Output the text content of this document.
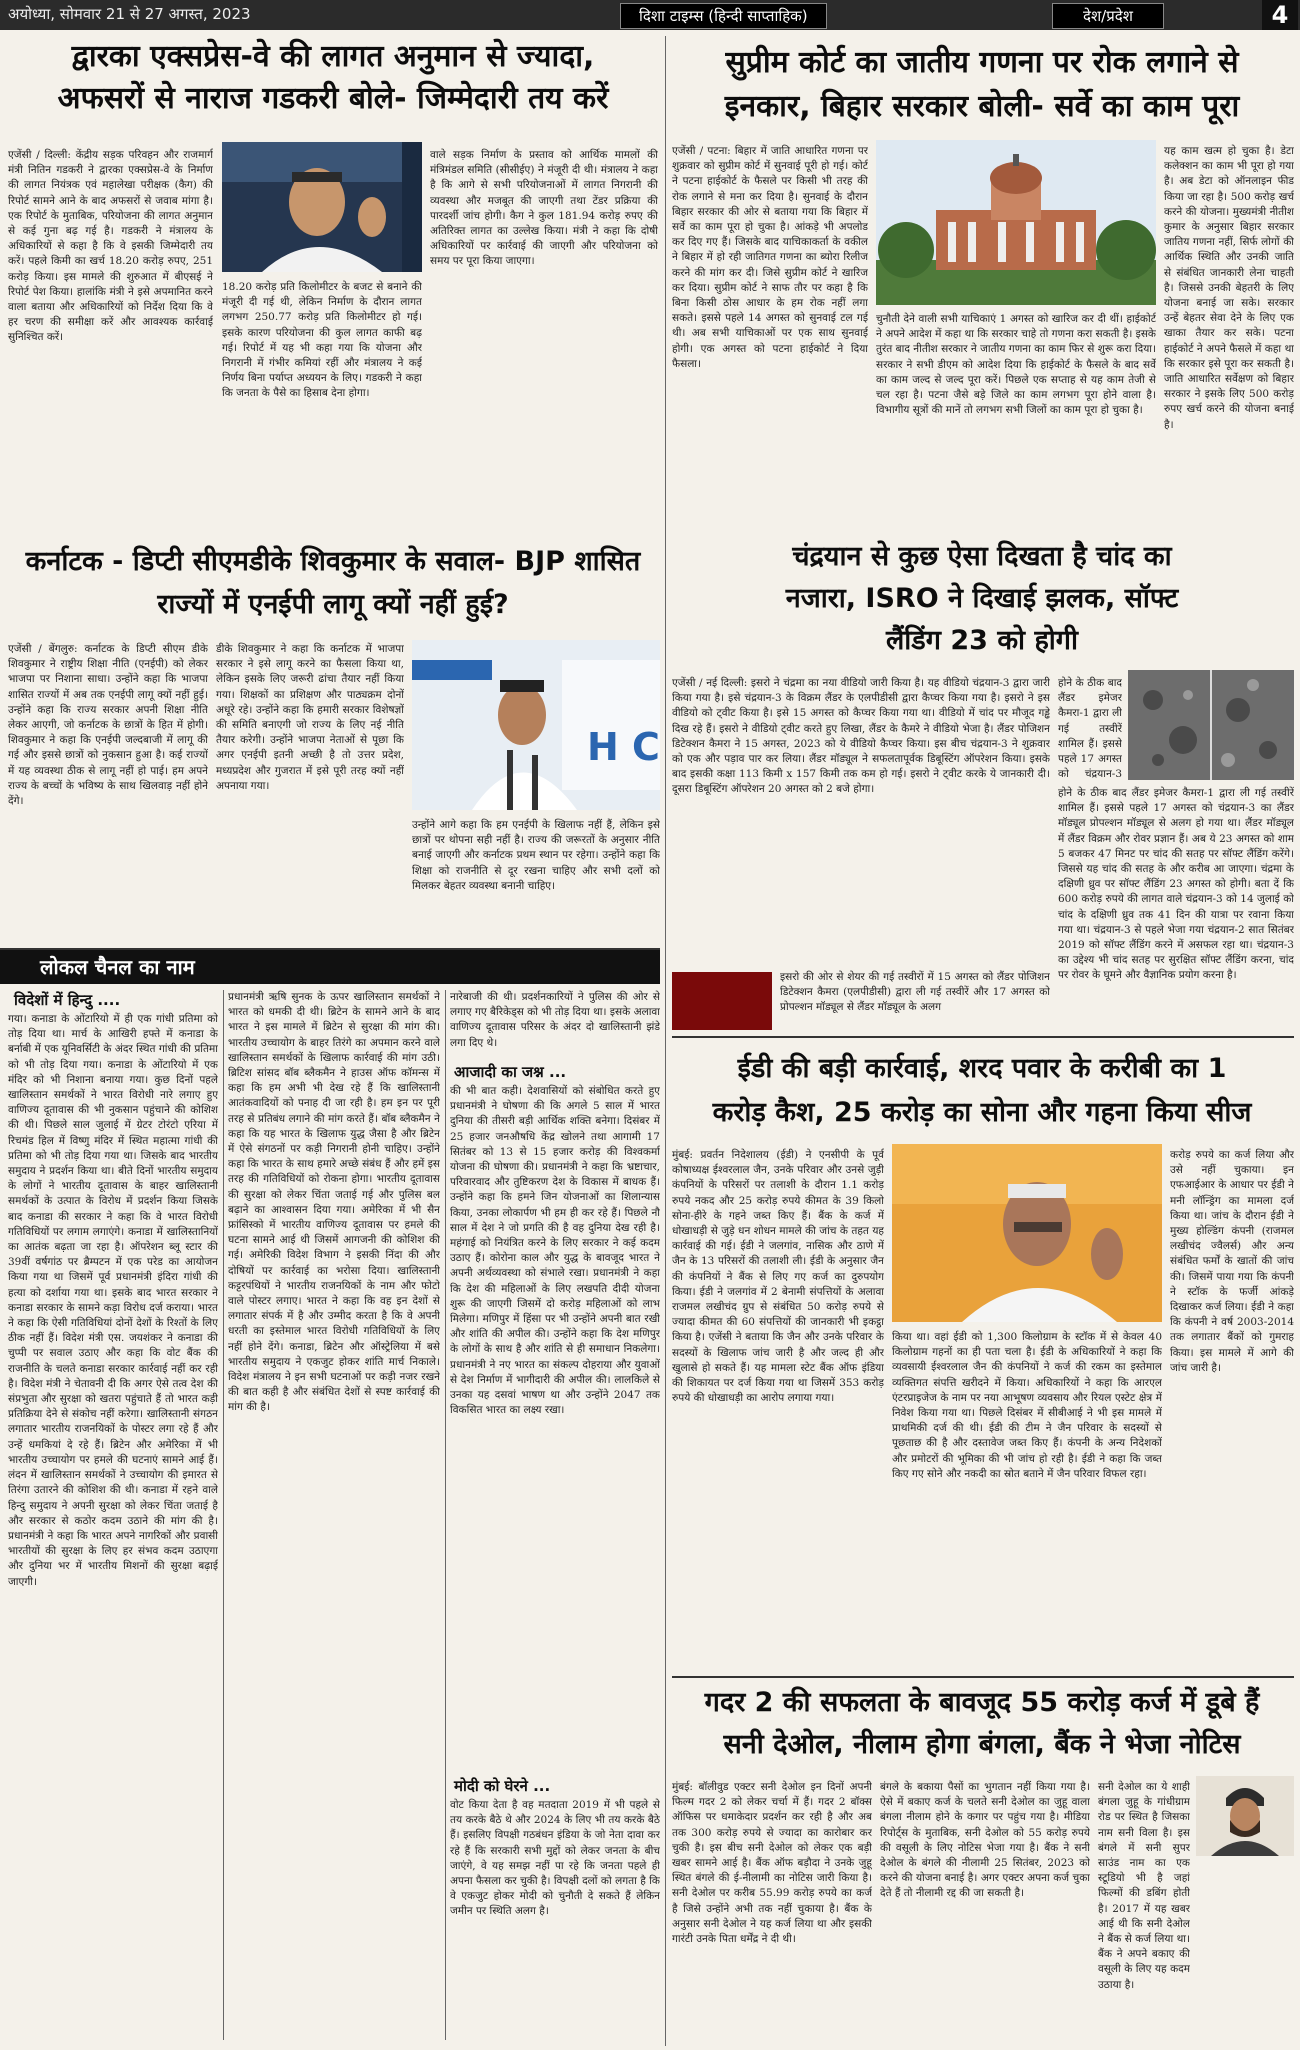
अयोध्या, सोमवार 21 से 27 अगस्त, 2023	दिशा टाइम्स (हिन्दी साप्ताहिक)	देश/प्रदेश	4
द्वारका एक्सप्रेस-वे की लागत अनुमान से ज्यादा,
अफसरों से नाराज गडकरी बोले- जिम्मेदारी तय करें
एजेंसी / दिल्ली: केंद्रीय सड़क परिवहन और राजमार्ग मंत्री नितिन गडकरी ने द्वारका एक्सप्रेस-वे के निर्माण की लागत नियंत्रक एवं महालेखा परीक्षक (कैग) की रिपोर्ट सामने आने के बाद अफसरों से जवाब मांगा है। एक रिपोर्ट के मुताबिक, परियोजना की लागत अनुमान से कई गुना बढ़ गई है। गडकरी ने मंत्रालय के अधिकारियों से कहा है कि वे इसकी जिम्मेदारी तय करें। पहले किमी का खर्च 18.20 करोड़ रुपए, 251 करोड़ किया। इस मामले की शुरुआत में बीएसई ने रिपोर्ट पेश किया। हालांकि मंत्री ने इसे अपमानित करने वाला बताया और अधिकारियों को निर्देश दिया कि वे हर चरण की समीक्षा करें और आवश्यक कार्रवाई सुनिश्चित करें।
18.20 करोड़ प्रति किलोमीटर के बजट से बनाने की मंजूरी दी गई थी, लेकिन निर्माण के दौरान लागत लगभग 250.77 करोड़ प्रति किलोमीटर हो गई। इसके कारण परियोजना की कुल लागत काफी बढ़ गई। रिपोर्ट में यह भी कहा गया कि योजना और निगरानी में गंभीर कमियां रहीं और मंत्रालय ने कई निर्णय बिना पर्याप्त अध्ययन के लिए। गडकरी ने कहा कि जनता के पैसे का हिसाब देना होगा।
वाले सड़क निर्माण के प्रस्ताव को आर्थिक मामलों की मंत्रिमंडल समिति (सीसीईए) ने मंजूरी दी थी। मंत्रालय ने कहा है कि आगे से सभी परियोजनाओं में लागत निगरानी की व्यवस्था और मजबूत की जाएगी तथा टेंडर प्रक्रिया की पारदर्शी जांच होगी। कैग ने कुल 181.94 करोड़ रुपए की अतिरिक्त लागत का उल्लेख किया। मंत्री ने कहा कि दोषी अधिकारियों पर कार्रवाई की जाएगी और परियोजना को समय पर पूरा किया जाएगा।
सुप्रीम कोर्ट का जातीय गणना पर रोक लगाने से
इनकार, बिहार सरकार बोली- सर्वे का काम पूरा
एजेंसी / पटना: बिहार में जाति आधारित गणना पर शुक्रवार को सुप्रीम कोर्ट में सुनवाई पूरी हो गई। कोर्ट ने पटना हाईकोर्ट के फैसले पर किसी भी तरह की रोक लगाने से मना कर दिया है। सुनवाई के दौरान बिहार सरकार की ओर से बताया गया कि बिहार में सर्वे का काम पूरा हो चुका है। आंकड़े भी अपलोड कर दिए गए हैं। जिसके बाद याचिकाकर्ता के वकील ने बिहार में हो रही जातिगत गणना का ब्योरा रिलीज करने की मांग कर दी। जिसे सुप्रीम कोर्ट ने खारिज कर दिया। सुप्रीम कोर्ट ने साफ तौर पर कहा है कि बिना किसी ठोस आधार के हम रोक नहीं लगा सकते। इससे पहले 14 अगस्त को सुनवाई टल गई थी। अब सभी याचिकाओं पर एक साथ सुनवाई होगी। एक अगस्त को पटना हाईकोर्ट ने दिया फैसला।
चुनौती देने वाली सभी याचिकाएं 1 अगस्त को खारिज कर दी थीं। हाईकोर्ट ने अपने आदेश में कहा था कि सरकार चाहे तो गणना करा सकती है। इसके तुरंत बाद नीतीश सरकार ने जातीय गणना का काम फिर से शुरू करा दिया। सरकार ने सभी डीएम को आदेश दिया कि हाईकोर्ट के फैसले के बाद सर्वे का काम जल्द से जल्द पूरा करें। पिछले एक सप्ताह से यह काम तेजी से चल रहा है। पटना जैसे बड़े जिले का काम लगभग पूरा होने वाला है। विभागीय सूत्रों की मानें तो लगभग सभी जिलों का काम पूरा हो चुका है।
यह काम खत्म हो चुका है। डेटा कलेक्शन का काम भी पूरा हो गया है। अब डेटा को ऑनलाइन फीड किया जा रहा है। 500 करोड़ खर्च करने की योजना। मुख्यमंत्री नीतीश कुमार के अनुसार बिहार सरकार जातिय गणना नहीं, सिर्फ लोगों की आर्थिक स्थिति और उनकी जाति से संबंधित जानकारी लेना चाहती है। जिससे उनकी बेहतरी के लिए योजना बनाई जा सके। सरकार उन्हें बेहतर सेवा देने के लिए एक खाका तैयार कर सके। पटना हाईकोर्ट ने अपने फैसले में कहा था कि सरकार इसे पूरा कर सकती है। जाति आधारित सर्वेक्षण को बिहार सरकार ने इसके लिए 500 करोड़ रुपए खर्च करने की योजना बनाई है।
कर्नाटक - डिप्टी सीएमडीके शिवकुमार के सवाल- BJP शासित
राज्यों में एनईपी लागू क्यों नहीं हुई?
एजेंसी / बेंगलुरु: कर्नाटक के डिप्टी सीएम डीके शिवकुमार ने राष्ट्रीय शिक्षा नीति (एनईपी) को लेकर भाजपा पर निशाना साधा। उन्होंने कहा कि भाजपा शासित राज्यों में अब तक एनईपी लागू क्यों नहीं हुई। उन्होंने कहा कि राज्य सरकार अपनी शिक्षा नीति लेकर आएगी, जो कर्नाटक के छात्रों के हित में होगी। शिवकुमार ने कहा कि एनईपी जल्दबाजी में लागू की गई और इससे छात्रों को नुकसान हुआ है। कई राज्यों में यह व्यवस्था ठीक से लागू नहीं हो पाई। हम अपने राज्य के बच्चों के भविष्य के साथ खिलवाड़ नहीं होने देंगे।
डीके शिवकुमार ने कहा कि कर्नाटक में भाजपा सरकार ने इसे लागू करने का फैसला किया था, लेकिन इसके लिए जरूरी ढांचा तैयार नहीं किया गया। शिक्षकों का प्रशिक्षण और पाठ्यक्रम दोनों अधूरे रहे। उन्होंने कहा कि हमारी सरकार विशेषज्ञों की समिति बनाएगी जो राज्य के लिए नई नीति तैयार करेगी। उन्होंने भाजपा नेताओं से पूछा कि अगर एनईपी इतनी अच्छी है तो उत्तर प्रदेश, मध्यप्रदेश और गुजरात में इसे पूरी तरह क्यों नहीं अपनाया गया।
H C
उन्होंने आगे कहा कि हम एनईपी के खिलाफ नहीं हैं, लेकिन इसे छात्रों पर थोपना सही नहीं है। राज्य की जरूरतों के अनुसार नीति बनाई जाएगी और कर्नाटक प्रथम स्थान पर रहेगा। उन्होंने कहा कि शिक्षा को राजनीति से दूर रखना चाहिए और सभी दलों को मिलकर बेहतर व्यवस्था बनानी चाहिए।
चंद्रयान से कुछ ऐसा दिखता है चांद का
नजारा, ISRO ने दिखाई झलक, सॉफ्ट
लैंडिंग 23 को होगी
एजेंसी / नई दिल्ली: इसरो ने चंद्रमा का नया वीडियो जारी किया है। यह वीडियो चंद्रयान-3 द्वारा जारी किया गया है। इसे चंद्रयान-3 के विक्रम लैंडर के एलपीडीसी द्वारा कैप्चर किया गया है। इसरो ने इस वीडियो को ट्वीट किया है। इसे 15 अगस्त को कैप्चर किया गया था। वीडियो में चांद पर मौजूद गड्ढे दिख रहे हैं। इसरो ने वीडियो ट्वीट करते हुए लिखा, लैंडर के कैमरे ने वीडियो भेजा है। लैंडर पोजिशन डिटेक्शन कैमरा ने 15 अगस्त, 2023 को ये वीडियो कैप्चर किया। इस बीच चंद्रयान-3 ने शुक्रवार को एक और पड़ाव पार कर लिया। लैंडर मॉड्यूल ने सफलतापूर्वक डिबूस्टिंग ऑपरेशन किया। इसके बाद इसकी कक्षा 113 किमी x 157 किमी तक कम हो गई। इसरो ने ट्वीट करके ये जानकारी दी। दूसरा डिबूस्टिंग ऑपरेशन 20 अगस्त को 2 बजे होगा।
होने के ठीक बाद लैंडर इमेजर कैमरा-1 द्वारा ली गई तस्वीरें शामिल हैं। इससे पहले 17 अगस्त को चंद्रयान-3
होने के ठीक बाद लैंडर इमेजर कैमरा-1 द्वारा ली गई तस्वीरें शामिल हैं। इससे पहले 17 अगस्त को चंद्रयान-3 का लैंडर मॉड्यूल प्रोपल्शन मॉड्यूल से अलग हो गया था। लैंडर मॉड्यूल में लैंडर विक्रम और रोवर प्रज्ञान हैं। अब ये 23 अगस्त को शाम 5 बजकर 47 मिनट पर चांद की सतह पर सॉफ्ट लैंडिंग करेंगे। जिससे यह चांद की सतह के और करीब आ जाएगा। चंद्रमा के दक्षिणी ध्रुव पर सॉफ्ट लैंडिंग 23 अगस्त को होगी। बता दें कि 600 करोड़ रुपये की लागत वाले चंद्रयान-3 को 14 जुलाई को चांद के दक्षिणी ध्रुव तक 41 दिन की यात्रा पर रवाना किया गया था। चंद्रयान-3 से पहले भेजा गया चंद्रयान-2 सात सितंबर 2019 को सॉफ्ट लैंडिंग करने में असफल रहा था। चंद्रयान-3 का उद्देश्य भी चांद सतह पर सुरक्षित सॉफ्ट लैंडिंग करना, चांद पर रोवर के घूमने और वैज्ञानिक प्रयोग करना है।
इसरो की ओर से शेयर की गई तस्वीरों में 15 अगस्त को लैंडर पोजिशन डिटेक्शन कैमरा (एलपीडीसी) द्वारा ली गई तस्वीरें और 17 अगस्त को प्रोपल्शन मॉड्यूल से लैंडर मॉड्यूल के अलग
लोकल चैनल का नाम
विदेशों में हिन्दु ....
गया। कनाडा के ओंटारियो में ही एक गांधी प्रतिमा को तोड़ दिया था। मार्च के आखिरी हफ्ते में कनाडा के बर्नाबी में एक यूनिवर्सिटी के अंदर स्थित गांधी की प्रतिमा को भी तोड़ दिया गया। कनाडा के ओंटारियो में एक मंदिर को भी निशाना बनाया गया। कुछ दिनों पहले खालिस्तान समर्थकों ने भारत विरोधी नारे लगाए हुए वाणिज्य दूतावास की भी नुकसान पहुंचाने की कोशिश की थी। पिछले साल जुलाई में ग्रेटर टोरंटो एरिया में रिचमंड हिल में विष्णु मंदिर में स्थित महात्मा गांधी की प्रतिमा को भी तोड़ दिया गया था। जिसके बाद भारतीय समुदाय ने प्रदर्शन किया था। बीते दिनों भारतीय समुदाय के लोगों ने भारतीय दूतावास के बाहर खालिस्तानी समर्थकों के उत्पात के विरोध में प्रदर्शन किया जिसके बाद कनाडा की सरकार ने कहा कि वे भारत विरोधी गतिविधियों पर लगाम लगाएंगे। कनाडा में खालिस्तानियों का आतंक बढ़ता जा रहा है। ऑपरेशन ब्लू स्टार की 39वीं वर्षगांठ पर ब्रैम्पटन में एक परेड का आयोजन किया गया था जिसमें पूर्व प्रधानमंत्री इंदिरा गांधी की हत्या को दर्शाया गया था। इसके बाद भारत सरकार ने कनाडा सरकार के सामने कड़ा विरोध दर्ज कराया। भारत ने कहा कि ऐसी गतिविधियां दोनों देशों के रिश्तों के लिए ठीक नहीं हैं। विदेश मंत्री एस. जयशंकर ने कनाडा की चुप्पी पर सवाल उठाए और कहा कि वोट बैंक की राजनीति के चलते कनाडा सरकार कार्रवाई नहीं कर रही है। विदेश मंत्री ने चेतावनी दी कि अगर ऐसे तत्व देश की संप्रभुता और सुरक्षा को खतरा पहुंचाते हैं तो भारत कड़ी प्रतिक्रिया देने से संकोच नहीं करेगा। खालिस्तानी संगठन लगातार भारतीय राजनयिकों के पोस्टर लगा रहे हैं और उन्हें धमकियां दे रहे हैं। ब्रिटेन और अमेरिका में भी भारतीय उच्चायोग पर हमले की घटनाएं सामने आई हैं। लंदन में खालिस्तान समर्थकों ने उच्चायोग की इमारत से तिरंगा उतारने की कोशिश की थी। कनाडा में रहने वाले हिन्दु समुदाय ने अपनी सुरक्षा को लेकर चिंता जताई है और सरकार से कठोर कदम उठाने की मांग की है। प्रधानमंत्री ने कहा कि भारत अपने नागरिकों और प्रवासी भारतीयों की सुरक्षा के लिए हर संभव कदम उठाएगा और दुनिया भर में भारतीय मिशनों की सुरक्षा बढ़ाई जाएगी।
प्रधानमंत्री ऋषि सुनक के ऊपर खालिस्तान समर्थकों ने भारत को धमकी दी थी। ब्रिटेन के सामने आने के बाद भारत ने इस मामले में ब्रिटेन से सुरक्षा की मांग की। भारतीय उच्चायोग के बाहर तिरंगे का अपमान करने वाले खालिस्तान समर्थकों के खिलाफ कार्रवाई की मांग उठी। ब्रिटिश सांसद बॉब ब्लैकमैन ने हाउस ऑफ कॉमन्स में कहा कि हम अभी भी देख रहे हैं कि खालिस्तानी आतंकवादियों को पनाह दी जा रही है। हम इन पर पूरी तरह से प्रतिबंध लगाने की मांग करते हैं। बॉब ब्लैकमैन ने कहा कि यह भारत के खिलाफ युद्ध जैसा है और ब्रिटेन में ऐसे संगठनों पर कड़ी निगरानी होनी चाहिए। उन्होंने कहा कि भारत के साथ हमारे अच्छे संबंध हैं और हमें इस तरह की गतिविधियों को रोकना होगा। भारतीय दूतावास की सुरक्षा को लेकर चिंता जताई गई और पुलिस बल बढ़ाने का आश्वासन दिया गया। अमेरिका में भी सैन फ्रांसिस्को में भारतीय वाणिज्य दूतावास पर हमले की घटना सामने आई थी जिसमें आगजनी की कोशिश की गई। अमेरिकी विदेश विभाग ने इसकी निंदा की और दोषियों पर कार्रवाई का भरोसा दिया। खालिस्तानी कट्टरपंथियों ने भारतीय राजनयिकों के नाम और फोटो वाले पोस्टर लगाए। भारत ने कहा कि वह इन देशों से लगातार संपर्क में है और उम्मीद करता है कि वे अपनी धरती का इस्तेमाल भारत विरोधी गतिविधियों के लिए नहीं होने देंगे। कनाडा, ब्रिटेन और ऑस्ट्रेलिया में बसे भारतीय समुदाय ने एकजुट होकर शांति मार्च निकाले। विदेश मंत्रालय ने इन सभी घटनाओं पर कड़ी नजर रखने की बात कही है और संबंधित देशों से स्पष्ट कार्रवाई की मांग की है।
नारेबाजी की थी। प्रदर्शनकारियों ने पुलिस की ओर से लगाए गए बैरिकेड्स को भी तोड़ दिया था। इसके अलावा वाणिज्य दूतावास परिसर के अंदर दो खालिस्तानी झंडे लगा दिए थे।
आजादी का जश्न ...
की भी बात कही। देशवासियों को संबोधित करते हुए प्रधानमंत्री ने घोषणा की कि अगले 5 साल में भारत दुनिया की तीसरी बड़ी आर्थिक शक्ति बनेगा। दिसंबर में 25 हजार जनऔषधि केंद्र खोलने तथा आगामी 17 सितंबर को 13 से 15 हजार करोड़ की विश्वकर्मा योजना की घोषणा की। प्रधानमंत्री ने कहा कि भ्रष्टाचार, परिवारवाद और तुष्टिकरण देश के विकास में बाधक हैं। उन्होंने कहा कि हमने जिन योजनाओं का शिलान्यास किया, उनका लोकार्पण भी हम ही कर रहे हैं। पिछले नौ साल में देश ने जो प्रगति की है वह दुनिया देख रही है। महंगाई को नियंत्रित करने के लिए सरकार ने कई कदम उठाए हैं। कोरोना काल और युद्ध के बावजूद भारत ने अपनी अर्थव्यवस्था को संभाले रखा। प्रधानमंत्री ने कहा कि देश की महिलाओं के लिए लखपति दीदी योजना शुरू की जाएगी जिसमें दो करोड़ महिलाओं को लाभ मिलेगा। मणिपुर में हिंसा पर भी उन्होंने अपनी बात रखी और शांति की अपील की। उन्होंने कहा कि देश मणिपुर के लोगों के साथ है और शांति से ही समाधान निकलेगा। प्रधानमंत्री ने नए भारत का संकल्प दोहराया और युवाओं से देश निर्माण में भागीदारी की अपील की। लालकिले से उनका यह दसवां भाषण था और उन्होंने 2047 तक विकसित भारत का लक्ष्य रखा।
मोदी को घेरने ...
वोट किया देता है वह मतदाता 2019 में भी पहले से तय करके बैठे थे और 2024 के लिए भी तय करके बैठे हैं। इसलिए विपक्षी गठबंधन इंडिया के जो नेता दावा कर रहे हैं कि सरकारी सभी मुद्दों को लेकर जनता के बीच जाएंगे, वे यह समझ नहीं पा रहे कि जनता पहले ही अपना फैसला कर चुकी है। विपक्षी दलों को लगता है कि वे एकजुट होकर मोदी को चुनौती दे सकते हैं लेकिन जमीन पर स्थिति अलग है।
ईडी की बड़ी कार्रवाई, शरद पवार के करीबी का 1
करोड़ कैश, 25 करोड़ का सोना और गहना किया सीज
मुंबई: प्रवर्तन निदेशालय (ईडी) ने एनसीपी के पूर्व कोषाध्यक्ष ईश्वरलाल जैन, उनके परिवार और उनसे जुड़ी कंपनियों के परिसरों पर तलाशी के दौरान 1.1 करोड़ रुपये नकद और 25 करोड़ रुपये कीमत के 39 किलो सोना-हीरे के गहने जब्त किए हैं। बैंक के कर्ज में धोखाधड़ी से जुड़े धन शोधन मामले की जांच के तहत यह कार्रवाई की गई। ईडी ने जलगांव, नासिक और ठाणे में जैन के 13 परिसरों की तलाशी ली। ईडी के अनुसार जैन की कंपनियों ने बैंक से लिए गए कर्ज का दुरुपयोग किया। ईडी ने जलगांव में 2 बेनामी संपत्तियों के अलावा राजमल लखीचंद ग्रुप से संबंधित 50 करोड़ रुपये से ज्यादा कीमत की 60 संपत्तियों की जानकारी भी इकट्ठा किया है। एजेंसी ने बताया कि जैन और उनके परिवार के सदस्यों के खिलाफ जांच जारी है और जल्द ही और खुलासे हो सकते हैं। यह मामला स्टेट बैंक ऑफ इंडिया की शिकायत पर दर्ज किया गया था जिसमें 353 करोड़ रुपये की धोखाधड़ी का आरोप लगाया गया।
किया था। वहां ईडी को 1,300 किलोग्राम के स्टॉक में से केवल 40 किलोग्राम गहनों का ही पता चला है। ईडी के अधिकारियों ने कहा कि व्यवसायी ईश्वरलाल जैन की कंपनियों ने कर्ज की रकम का इस्तेमाल व्यक्तिगत संपत्ति खरीदने में किया। अधिकारियों ने कहा कि आरएल एंटरप्राइजेज के नाम पर नया आभूषण व्यवसाय और रियल एस्टेट क्षेत्र में निवेश किया गया था। पिछले दिसंबर में सीबीआई ने भी इस मामले में प्राथमिकी दर्ज की थी। ईडी की टीम ने जैन परिवार के सदस्यों से पूछताछ की है और दस्तावेज जब्त किए हैं। कंपनी के अन्य निदेशकों और प्रमोटरों की भूमिका की भी जांच हो रही है। ईडी ने कहा कि जब्त किए गए सोने और नकदी का स्रोत बताने में जैन परिवार विफल रहा।
करोड़ रुपये का कर्ज लिया और उसे नहीं चुकाया। इन एफआईआर के आधार पर ईडी ने मनी लॉन्ड्रिंग का मामला दर्ज किया था। जांच के दौरान ईडी ने मुख्य होल्डिंग कंपनी (राजमल लखीचंद ज्वैलर्स) और अन्य संबंधित फर्मों के खातों की जांच की। जिसमें पाया गया कि कंपनी ने स्टॉक के फर्जी आंकड़े दिखाकर कर्ज लिया। ईडी ने कहा कि कंपनी ने वर्ष 2003-2014 तक लगातार बैंकों को गुमराह किया। इस मामले में आगे की जांच जारी है।
गदर 2 की सफलता के बावजूद 55 करोड़ कर्ज में डूबे हैं
सनी देओल, नीलाम होगा बंगला, बैंक ने भेजा नोटिस
मुंबई: बॉलीवुड एक्टर सनी देओल इन दिनों अपनी फिल्म गदर 2 को लेकर चर्चा में हैं। गदर 2 बॉक्स ऑफिस पर धमाकेदार प्रदर्शन कर रही है और अब तक 300 करोड़ रुपये से ज्यादा का कारोबार कर चुकी है। इस बीच सनी देओल को लेकर एक बड़ी खबर सामने आई है। बैंक ऑफ बड़ौदा ने उनके जुहू स्थित बंगले की ई-नीलामी का नोटिस जारी किया है। सनी देओल पर करीब 55.99 करोड़ रुपये का कर्ज है जिसे उन्होंने अभी तक नहीं चुकाया है। बैंक के अनुसार सनी देओल ने यह कर्ज लिया था और इसकी गारंटी उनके पिता धर्मेंद्र ने दी थी।
बंगले के बकाया पैसों का भुगतान नहीं किया गया है। ऐसे में बकाए कर्ज के चलते सनी देओल का जुहू वाला बंगला नीलाम होने के कगार पर पहुंच गया है। मीडिया रिपोर्ट्स के मुताबिक, सनी देओल को 55 करोड़ रुपये की वसूली के लिए नोटिस भेजा गया है। बैंक ने सनी देओल के बंगले की नीलामी 25 सितंबर, 2023 को करने की योजना बनाई है। अगर एक्टर अपना कर्ज चुका देते हैं तो नीलामी रद्द की जा सकती है।
सनी देओल का ये शाही बंगला जुहू के गांधीग्राम रोड पर स्थित है जिसका नाम सनी विला है। इस बंगले में सनी सुपर साउंड नाम का एक स्टूडियो भी है जहां फिल्मों की डबिंग होती है। 2017 में यह खबर आई थी कि सनी देओल ने बैंक से कर्ज लिया था। बैंक ने अपने बकाए की वसूली के लिए यह कदम उठाया है।
